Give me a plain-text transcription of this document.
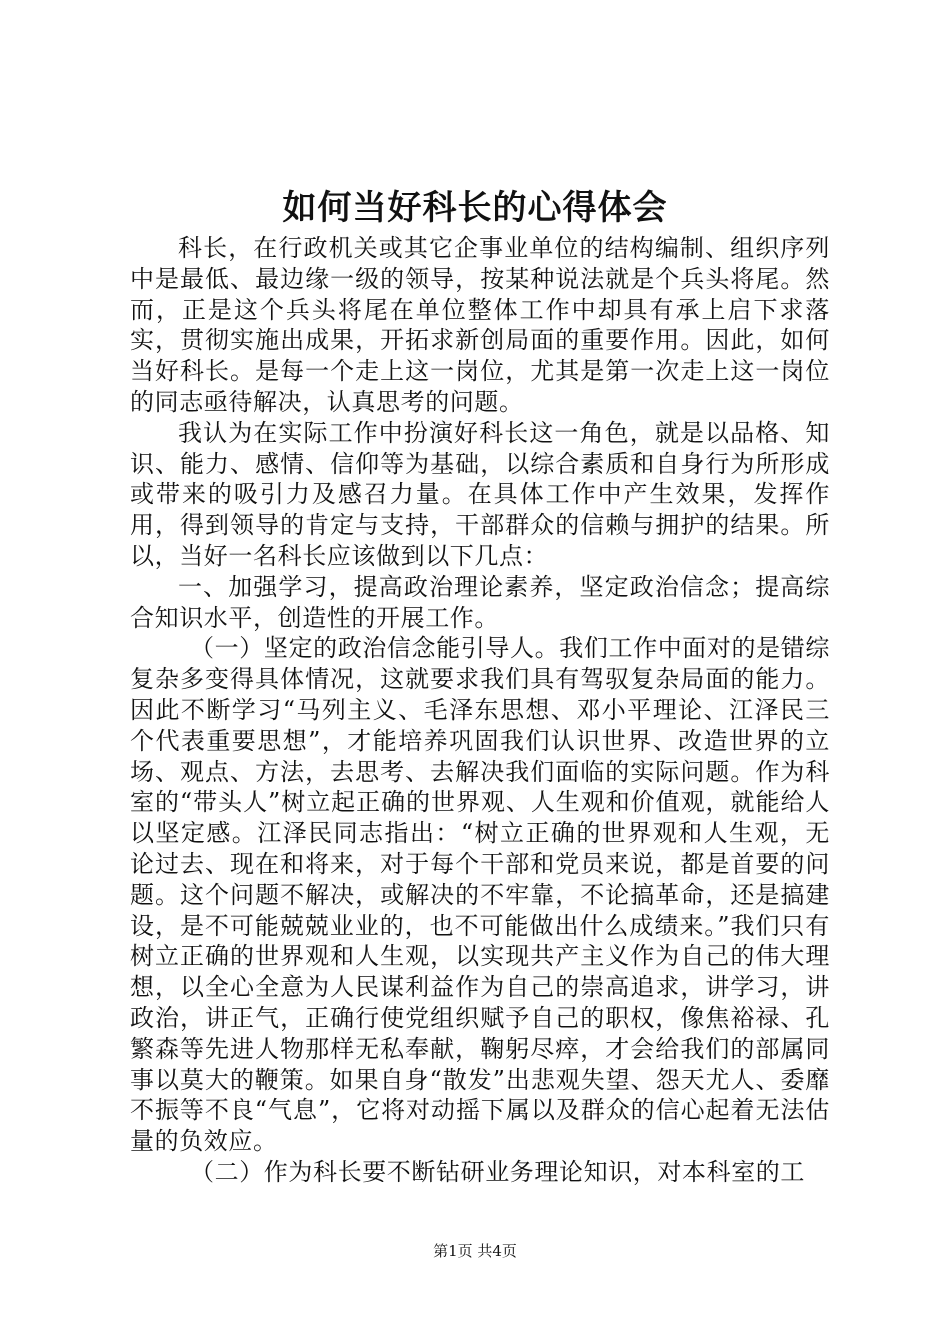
如何当好科长的心得体会

科长，在行政机关或其它企事业单位的结构编制、组织序列中是最低、最边缘一级的领导，按某种说法就是个兵头将尾。然而，正是这个兵头将尾在单位整体工作中却具有承上启下求落实，贯彻实施出成果，开拓求新创局面的重要作用。因此，如何当好科长。是每一个走上这一岗位，尤其是第一次走上这一岗位的同志亟待解决，认真思考的问题。

我认为在实际工作中扮演好科长这一角色，就是以品格、知识、能力、感情、信仰等为基础，以综合素质和自身行为所形成或带来的吸引力及感召力量。在具体工作中产生效果，发挥作用，得到领导的肯定与支持，干部群众的信赖与拥护的结果。所以，当好一名科长应该做到以下几点：

一、加强学习，提高政治理论素养，坚定政治信念；提高综合知识水平，创造性的开展工作。

（一）坚定的政治信念能引导人。我们工作中面对的是错综复杂多变得具体情况，这就要求我们具有驾驭复杂局面的能力。因此不断学习“马列主义、毛泽东思想、邓小平理论、江泽民三个代表重要思想”，才能培养巩固我们认识世界、改造世界的立场、观点、方法，去思考、去解决我们面临的实际问题。作为科室的“带头人”树立起正确的世界观、人生观和价值观，就能给人以坚定感。江泽民同志指出：“树立正确的世界观和人生观，无论过去、现在和将来，对于每个干部和党员来说，都是首要的问题。这个问题不解决，或解决的不牢靠，不论搞革命，还是搞建设，是不可能兢兢业业的，也不可能做出什么成绩来。”我们只有树立正确的世界观和人生观，以实现共产主义作为自己的伟大理想，以全心全意为人民谋利益作为自己的崇高追求，讲学习，讲政治，讲正气，正确行使党组织赋予自己的职权，像焦裕禄、孔繁森等先进人物那样无私奉献，鞠躬尽瘁，才会给我们的部属同事以莫大的鞭策。如果自身“散发”出悲观失望、怨天尤人、委靡不振等不良“气息”，它将对动摇下属以及群众的信心起着无法估量的负效应。

（二）作为科长要不断钻研业务理论知识，对本科室的工

第1页 共4页
